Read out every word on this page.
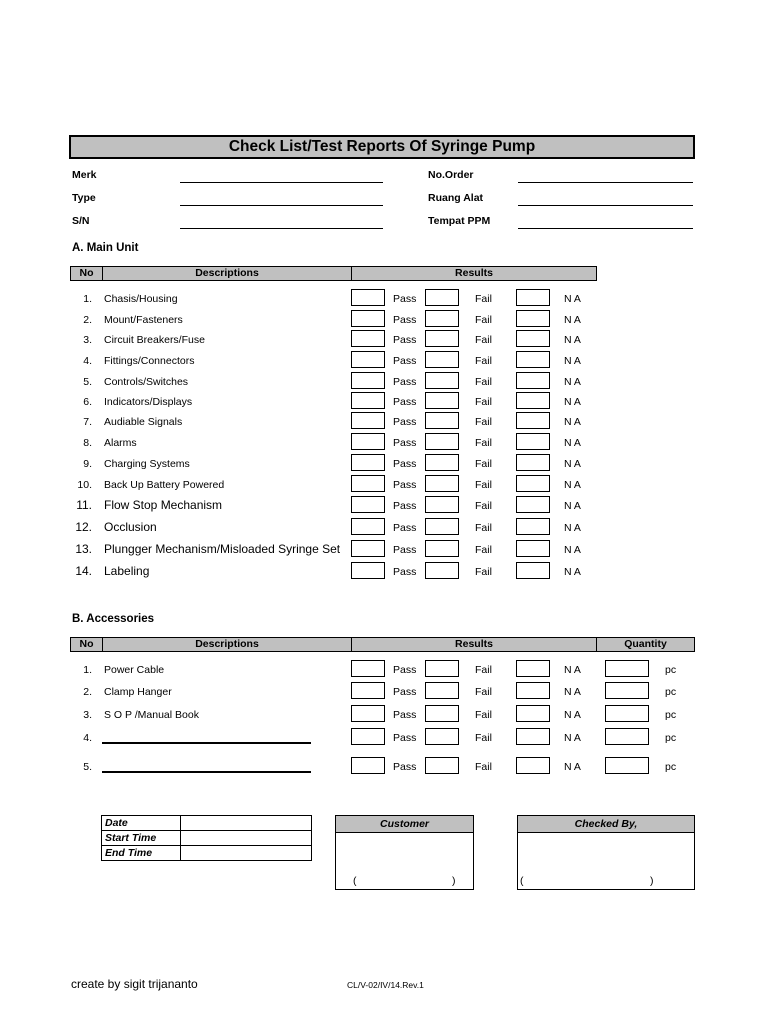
Check List/Test Reports Of Syringe Pump
Merk
Type
S/N
No.Order
Ruang Alat
Tempat PPM
A. Main Unit
No	Descriptions	Results
1. Chasis/Housing	Pass	Fail	N A
2. Mount/Fasteners	Pass	Fail	N A
3. Circuit Breakers/Fuse	Pass	Fail	N A
4. Fittings/Connectors	Pass	Fail	N A
5. Controls/Switches	Pass	Fail	N A
6. Indicators/Displays	Pass	Fail	N A
7. Audiable Signals	Pass	Fail	N A
8. Alarms	Pass	Fail	N A
9. Charging Systems	Pass	Fail	N A
10. Back Up Battery Powered	Pass	Fail	N A
11. Flow Stop Mechanism	Pass	Fail	N A
12. Occlusion	Pass	Fail	N A
13. Plungger Mechanism/Misloaded Syringe Set	Pass	Fail	N A
14. Labeling	Pass	Fail	N A
B. Accessories
No	Descriptions	Results	Quantity
1. Power Cable	Pass	Fail	N A	pc
2. Clamp Hanger	Pass	Fail	N A	pc
3. S O P /Manual Book	Pass	Fail	N A	pc
4.	Pass	Fail	N A	pc
5.	Pass	Fail	N A	pc
Date
Start Time
End Time
Customer
(	)
Checked By,
(	)
create by sigit trijananto	CL/V-02/IV/14.Rev.1
